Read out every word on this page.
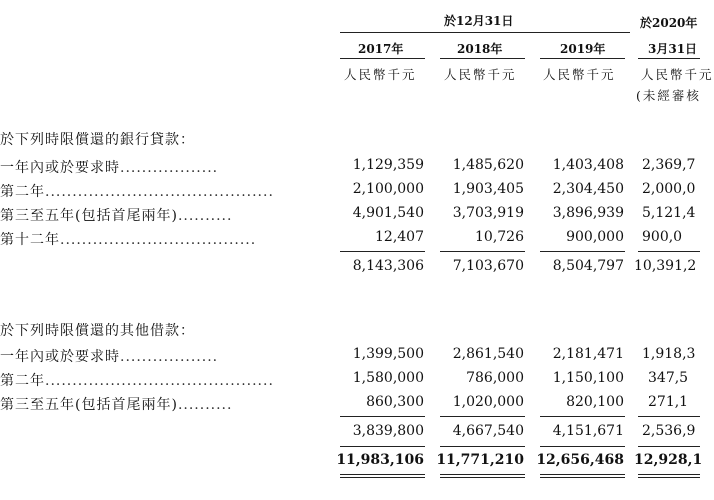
於12月31日	於2020年
2017年	2018年	2019年	3月31日
人民幣千元 人民幣千元 人民幣千元 人民幣千元
(未經審核
於下列時限償還的銀行貸款：
一年內或於要求時..................	1,129,359 1,485,620 1,403,408 2,369,7
第二年..........................................	2,100,000 1,903,405 2,304,450 2,000,0
第三至五年(包括首尾兩年)..........	4,901,540 3,703,919 3,896,939 5,121,4
第十二年....................................	12,407	10,726	900,000 900,0
8,143,306 7,103,670 8,504,797 10,391,2
於下列時限償還的其他借款：
一年內或於要求時..................	1,399,500 2,861,540 2,181,471 1,918,3
第二年..........................................	1,580,000	786,000 1,150,100 347,5
第三至五年(包括首尾兩年)..........	860,300 1,020,000	820,100 271,1
3,839,800 4,667,540 4,151,671 2,536,9
11,983,106 11,771,210 12,656,468 12,928,1
